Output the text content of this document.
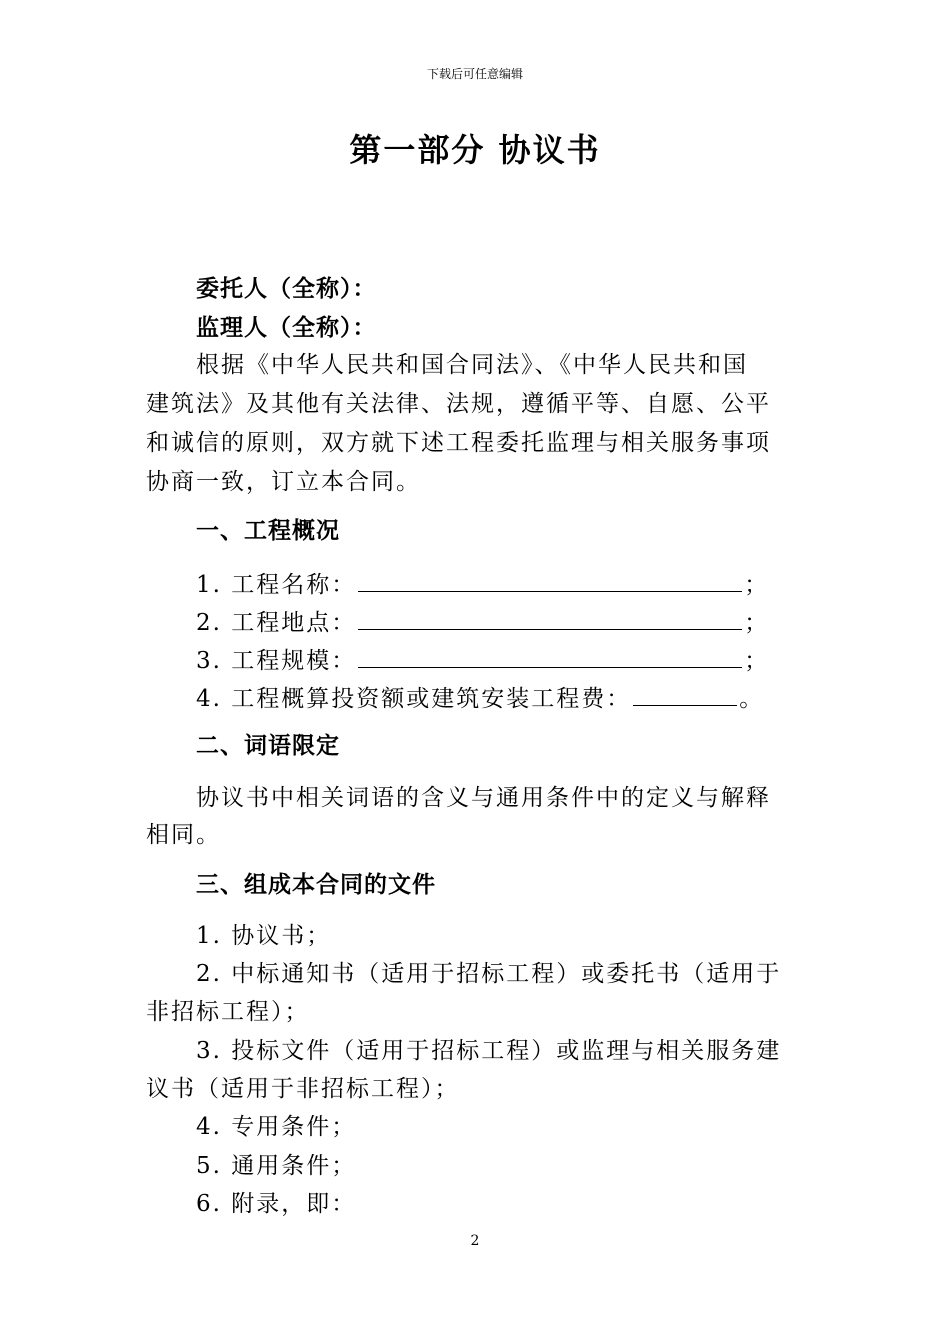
下载后可任意编辑
第一部分 协议书
委托人（全称）：
监理人（全称）：
根据《中华人民共和国合同法》、《中华人民共和国
建筑法》及其他有关法律、法规，遵循平等、自愿、公平
和诚信的原则，双方就下述工程委托监理与相关服务事项
协商一致，订立本合同。
一、工程概况
1. 工程名称：	；
2. 工程地点：	；
3. 工程规模：	；
4. 工程概算投资额或建筑安装工程费：	。
二、词语限定
协议书中相关词语的含义与通用条件中的定义与解释
相同。
三、组成本合同的文件
1. 协议书；
2. 中标通知书（适用于招标工程）或委托书（适用于
非招标工程）；
3. 投标文件（适用于招标工程）或监理与相关服务建
议书（适用于非招标工程）；
4. 专用条件；
5. 通用条件；
6. 附录，即：
2
